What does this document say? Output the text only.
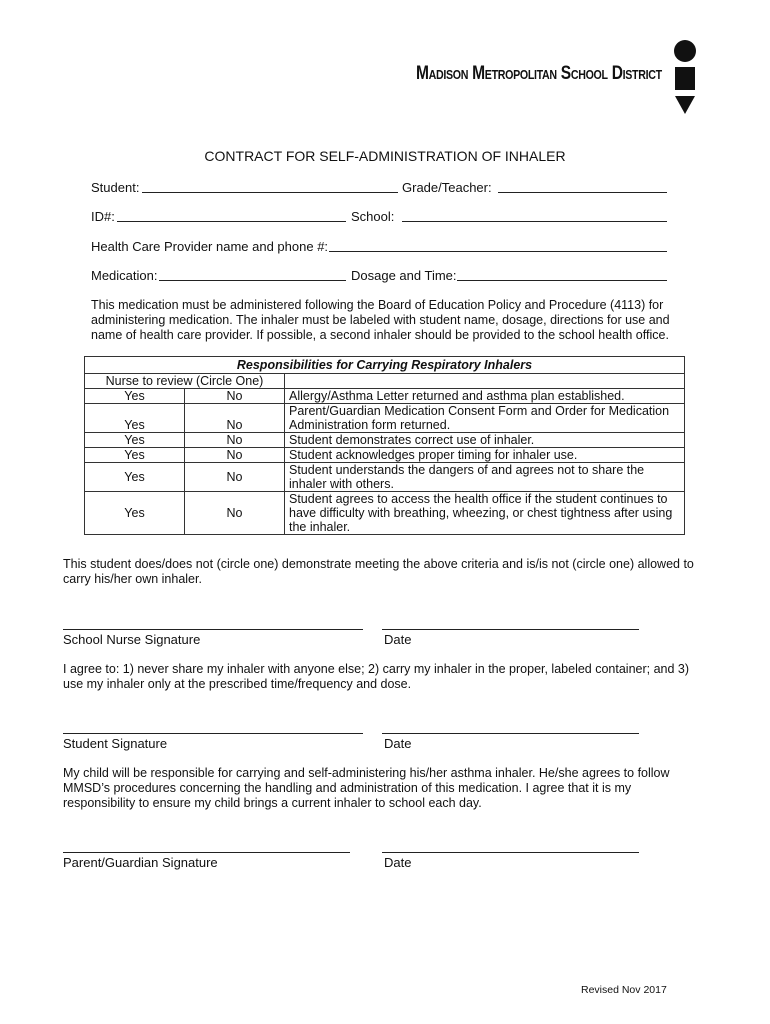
Madison Metropolitan School District
CONTRACT FOR SELF-ADMINISTRATION OF INHALER
Student:	Grade/Teacher:
ID#:	School:
Health Care Provider name and phone #:
Medication:	Dosage and Time:
This medication must be administered following the Board of Education Policy and Procedure (4113) for administering medication. The inhaler must be labeled with student name, dosage, directions for use and name of health care provider. If possible, a second inhaler should be provided to the school health office.
Responsibilities for Carrying Respiratory Inhalers		
Nurse to review (Circle One)		
Yes	No	Allergy/Asthma Letter returned and asthma plan established.
Yes	No	Parent/Guardian Medication Consent Form and Order for Medication Administration form returned.
Yes	No	Student demonstrates correct use of inhaler.
Yes	No	Student acknowledges proper timing for inhaler use.
Yes	No	Student understands the dangers of and agrees not to share the inhaler with others.
Yes	No	Student agrees to access the health office if the student continues to have difficulty with breathing, wheezing, or chest tightness after using the inhaler.
This student does/does not (circle one) demonstrate meeting the above criteria and is/is not (circle one) allowed to carry his/her own inhaler.
School Nurse Signature	Date
I agree to: 1) never share my inhaler with anyone else; 2) carry my inhaler in the proper, labeled container; and 3) use my inhaler only at the prescribed time/frequency and dose.
Student Signature	Date
My child will be responsible for carrying and self-administering his/her asthma inhaler. He/she agrees to follow MMSD’s procedures concerning the handling and administration of this medication. I agree that it is my responsibility to ensure my child brings a current inhaler to school each day.
Parent/Guardian Signature	Date
Revised Nov 2017
